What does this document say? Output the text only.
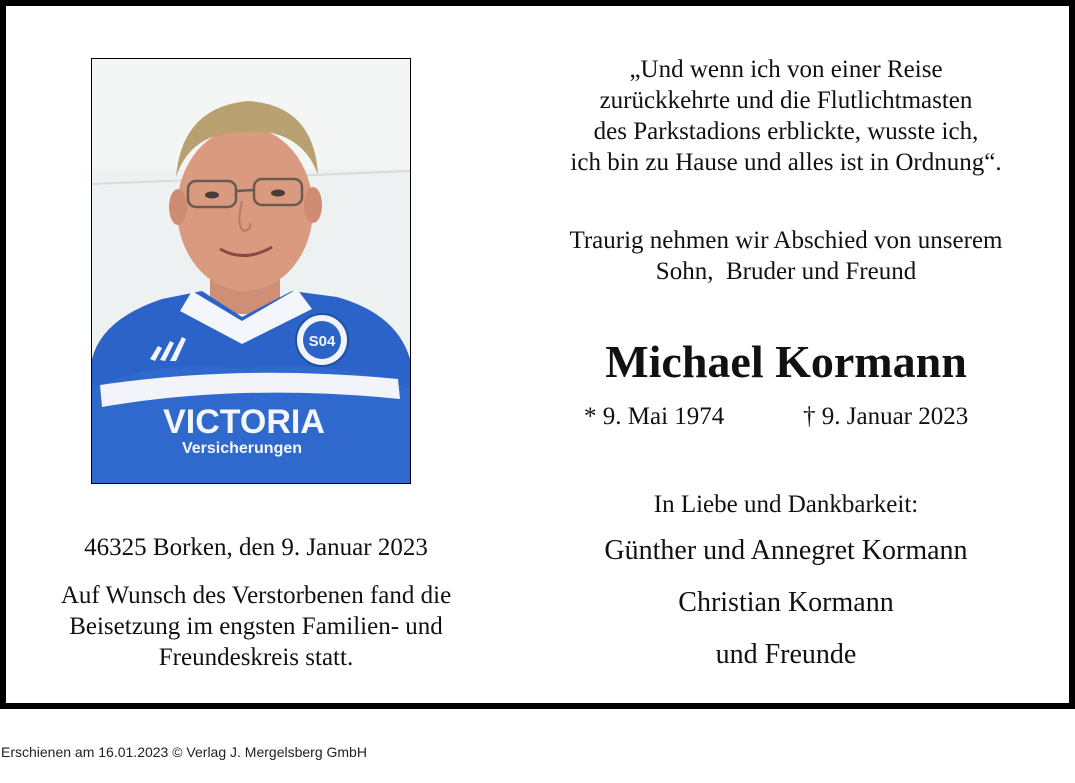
S04
VICTORIA
Versicherungen
„Und wenn ich von einer Reise
zurückkehrte und die Flutlichtmasten
des Parkstadions erblickte, wusste ich,
ich bin zu Hause und alles ist in Ordnung“.
Traurig nehmen wir Abschied von unserem
Sohn,  Bruder und Freund
Michael Kormann
* 9. Mai 1974	† 9. Januar 2023
In Liebe und Dankbarkeit:
Günther und Annegret Kormann
Christian Kormann
und Freunde
46325 Borken, den 9. Januar 2023
Auf Wunsch des Verstorbenen fand die
Beisetzung im engsten Familien- und
Freundeskreis statt.
Erschienen am 16.01.2023 © Verlag J. Mergelsberg GmbH
